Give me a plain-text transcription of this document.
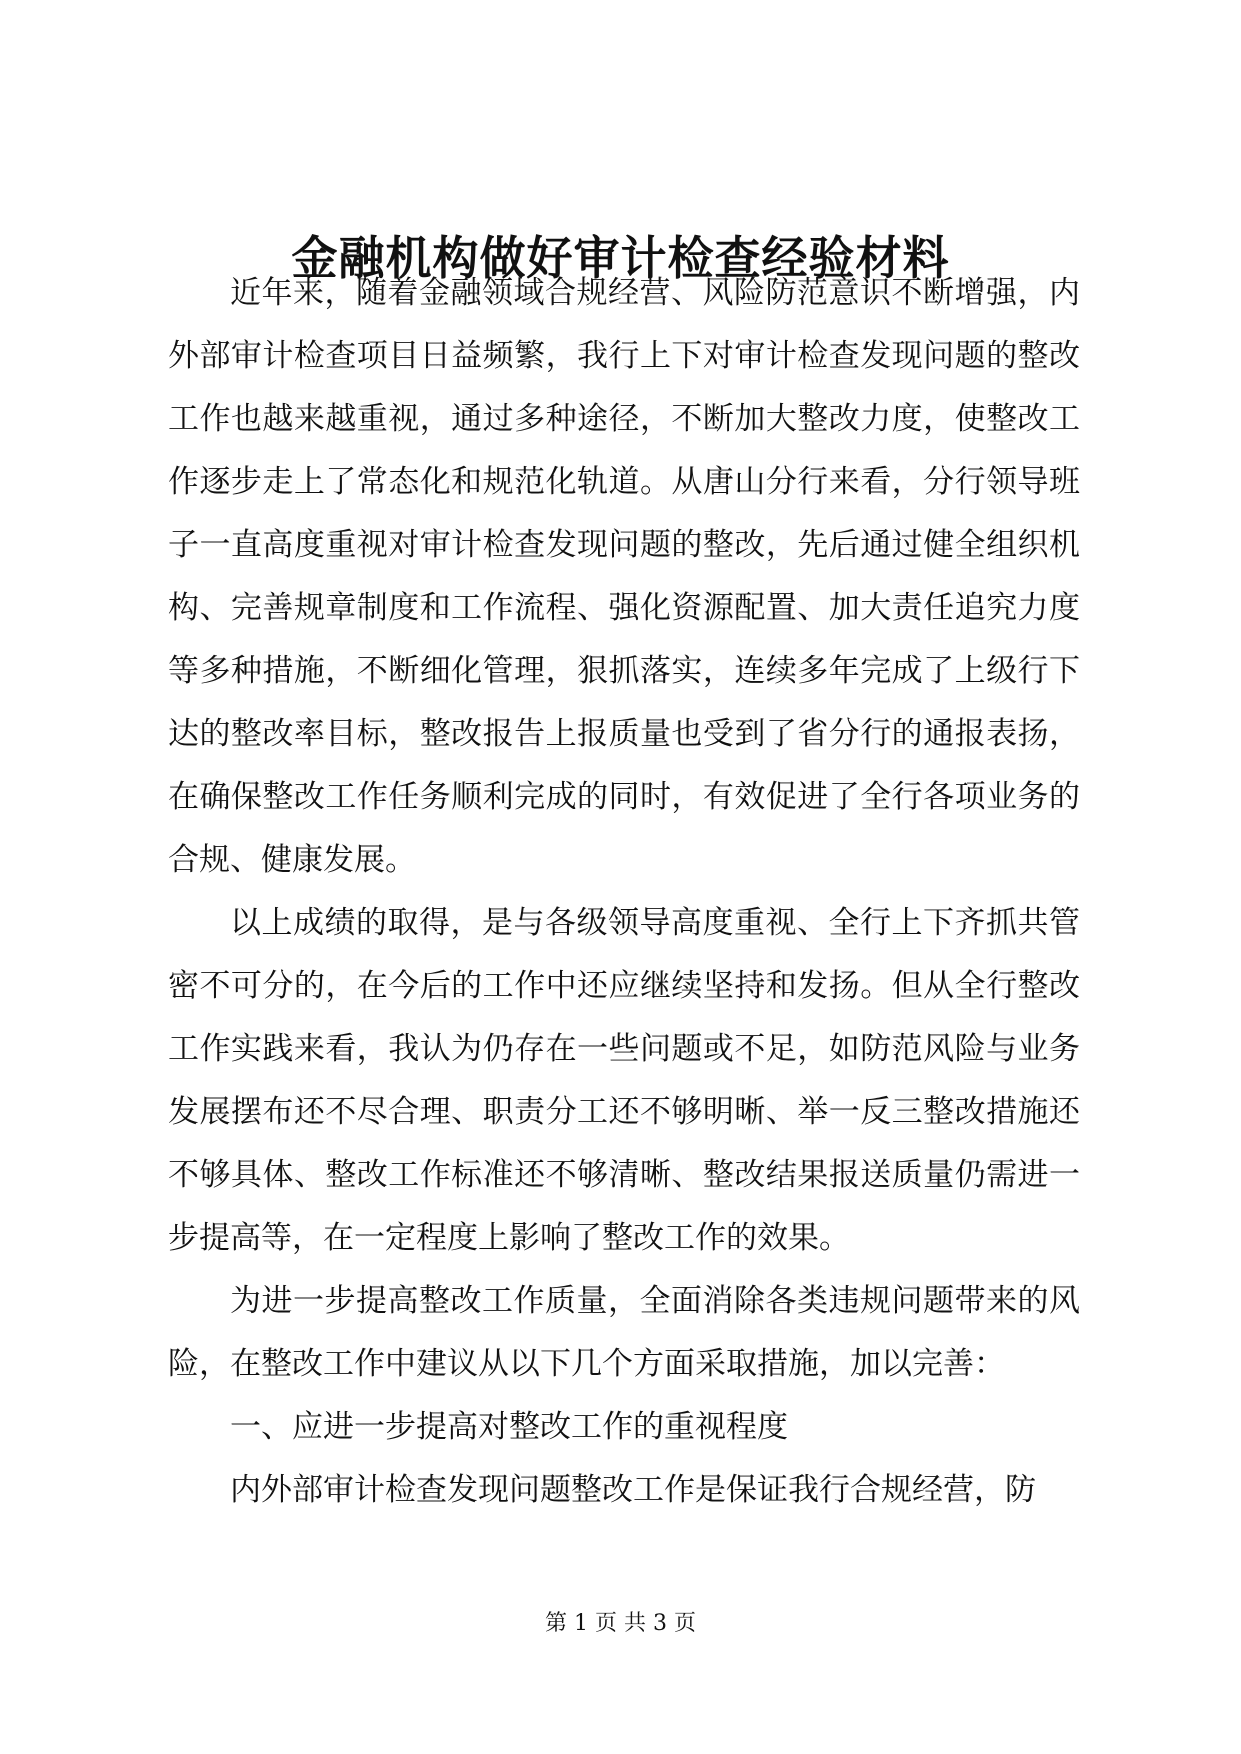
金融机构做好审计检查经验材料

近年来，随着金融领域合规经营、风险防范意识不断增强，内外部审计检查项目日益频繁，我行上下对审计检查发现问题的整改工作也越来越重视，通过多种途径，不断加大整改力度，使整改工作逐步走上了常态化和规范化轨道。从唐山分行来看，分行领导班子一直高度重视对审计检查发现问题的整改，先后通过健全组织机构、完善规章制度和工作流程、强化资源配置、加大责任追究力度等多种措施，不断细化管理，狠抓落实，连续多年完成了上级行下达的整改率目标，整改报告上报质量也受到了省分行的通报表扬，在确保整改工作任务顺利完成的同时，有效促进了全行各项业务的合规、健康发展。

以上成绩的取得，是与各级领导高度重视、全行上下齐抓共管密不可分的，在今后的工作中还应继续坚持和发扬。但从全行整改工作实践来看，我认为仍存在一些问题或不足，如防范风险与业务发展摆布还不尽合理、职责分工还不够明晰、举一反三整改措施还不够具体、整改工作标准还不够清晰、整改结果报送质量仍需进一步提高等，在一定程度上影响了整改工作的效果。

为进一步提高整改工作质量，全面消除各类违规问题带来的风险，在整改工作中建议从以下几个方面采取措施，加以完善：

一、应进一步提高对整改工作的重视程度

内外部审计检查发现问题整改工作是保证我行合规经营，防

第 1 页 共 3 页
